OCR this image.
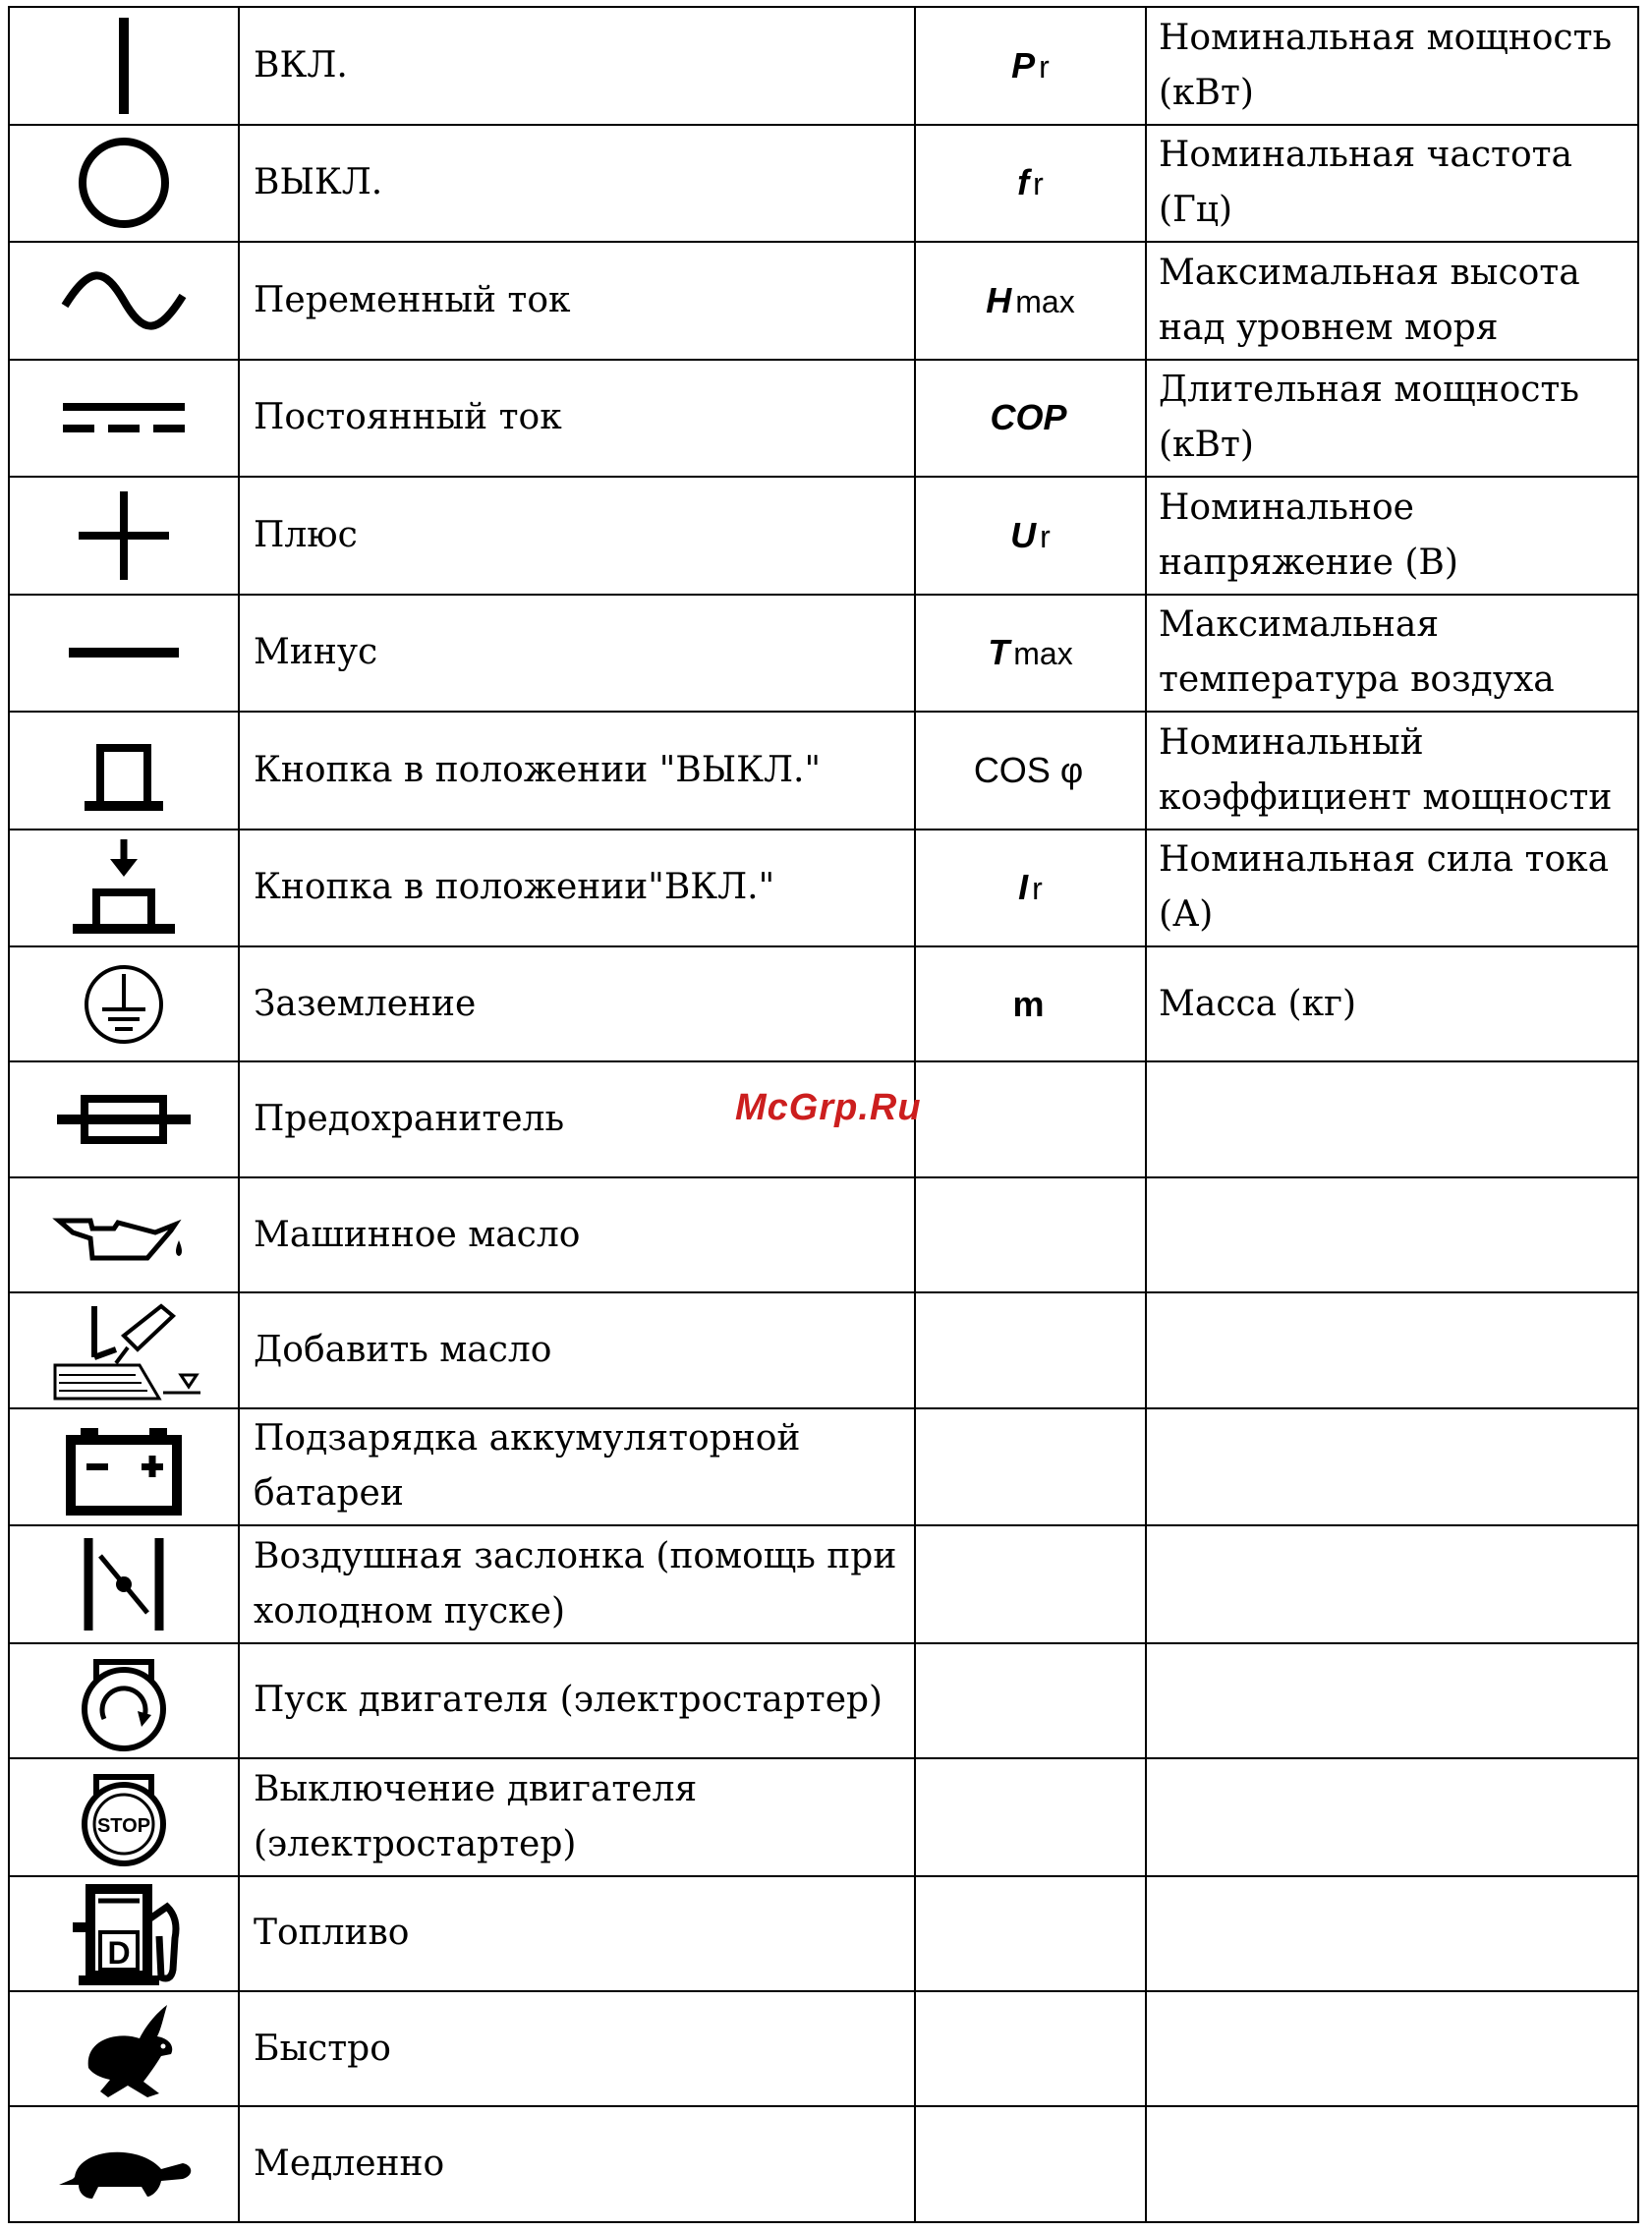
	ВКЛ.	P r	Номинальная мощность (кВт)

	ВЫКЛ.	f r	Номинальная частота (Гц)

	Переменный ток	H max	Максимальная высота над уровнем моря

	Постоянный ток	COP	Длительная мощность (кВт)

	Плюс	U r	Номинальное напряжение (В)

	Минус	T max	Максимальная температура воздуха

	Кнопка в положении "ВЫКЛ."	COS φ	Номинальный коэффициент мощности

	Кнопка в положении"ВКЛ."	I r	Номинальная сила тока (А)

	Заземление	m	Масса (кг)

	Предохранитель		

	Машинное масло		

	Добавить масло		

	Подзарядка аккумуляторной батареи		

	Воздушная заслонка (помощь при холодном пуске)		

	Пуск двигателя (электростартер)		

STOP	Выключение двигателя (электростартер)		

D	Топливо		

	Быстро		

	Медленно		
McGrp.Ru
